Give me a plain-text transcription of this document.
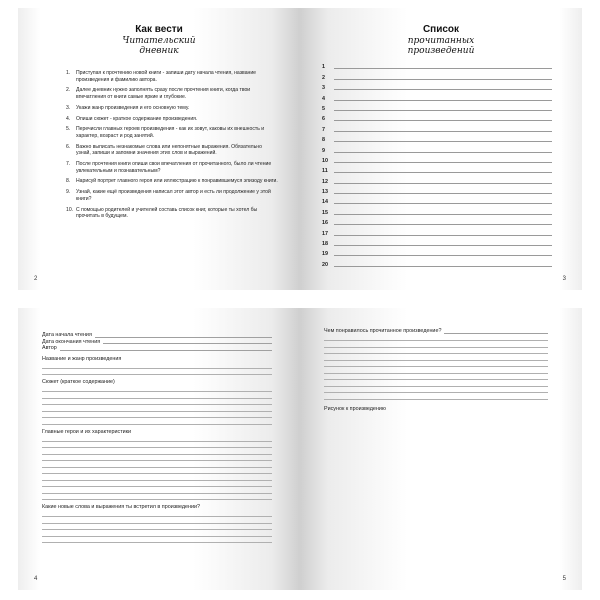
Как вести
Читательский
дневник
1.	Приступая к прочтению новой книги - запиши дату начала чтения, название произведения и фамилию автора.
2.	Далее дневник нужно заполнять сразу после прочтения книги, когда твои впечатления от книги самые яркие и глубокие.
3.	Укажи жанр произведения и его основную тему.
4.	Опиши сюжет - краткое содержание произведения.
5.	Перечисли главных героев произведения - как их зовут, каковы их внешность и характер, возраст и род занятий.
6.	Важно выписать незнакомые слова или непонятные выражения. Обязательно узнай, запиши и запомни значения этих слов и выражений.
7.	После прочтения книги опиши свои впечатления от прочитанного, было ли чтение увлекательным и познавательным?
8.	Нарисуй портрет главного героя или иллюстрацию к понравившемуся эпизоду книги.
9.	Узнай, какие ещё произведения написал этот автор и есть ли продолжение у этой книги?
10. С помощью родителей и учителей составь список книг, которые ты хотел бы прочитать в будущем.
2
Список
прочитанных
произведений
1
2
3
4
5
6
7
8
9
10
11
12
13
14
15
16
17
18
19
20
3
Дата начала чтения
Дата окончания чтения
Автор
Название и жанр произведения
Сюжет (краткое содержание)
Главные герои и их характеристики
Какие новые слова и выражения ты встретил в произведении?
4
Чем понравилось прочитанное произведение?
Рисунок к произведению
5
